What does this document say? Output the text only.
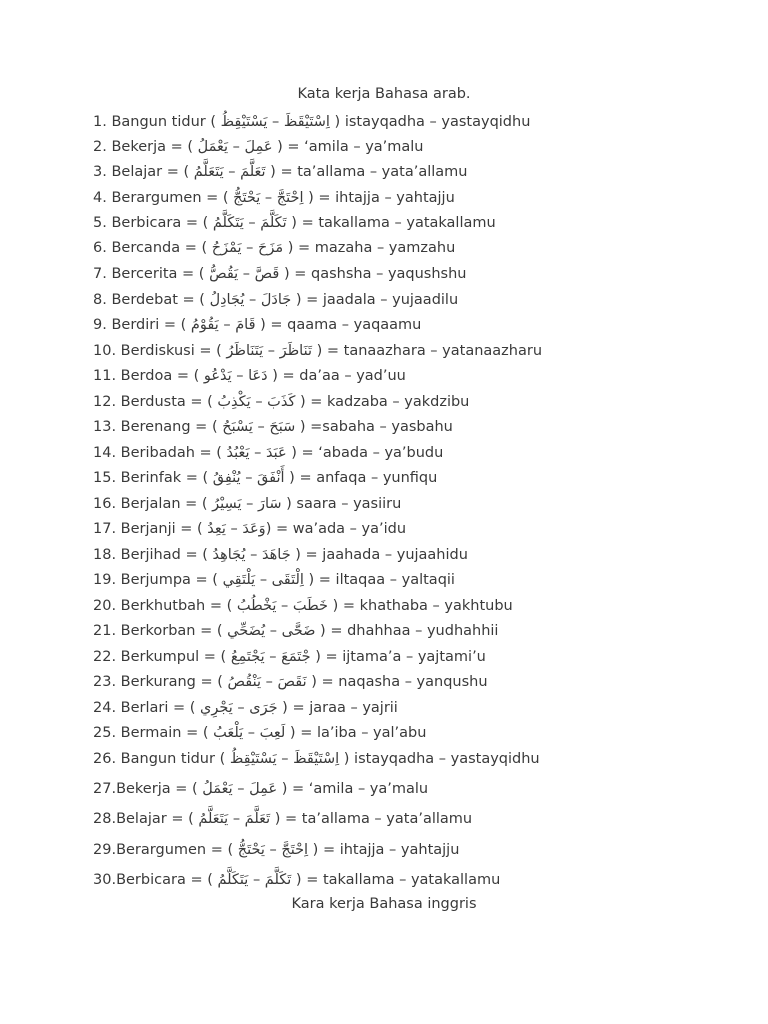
Kata kerja Bahasa arab.
1. Bangun tidur ( اِسْتَيْقَظَ – يَسْتَيْقِظُ ) istayqadha – yastayqidhu
2. Bekerja = ( عَمِلَ – يَعْمَلُ ) = ‘amila – ya’malu
3. Belajar = ( تَعَلَّمَ – يَتَعَلَّمُ ) = ta’allama – yata’allamu
4. Berargumen = ( اِحْتَجَّ – يَحْتَجُّ ) = ihtajja – yahtajju
5. Berbicara = ( تَكَلَّمَ – يَتَكَلَّمُ ) = takallama – yatakallamu
6. Bercanda = ( مَزَحَ – يَمْزَحُ ) = mazaha – yamzahu
7. Bercerita = ( قَصَّ – يَقُصُّ ) = qashsha – yaqushshu
8. Berdebat = ( جَادَلَ – يُجَادِلُ ) = jaadala – yujaadilu
9. Berdiri = ( قَامَ – يَقُوْمُ ) = qaama – yaqaamu
10. Berdiskusi = ( تَنَاظَرَ – يَتَنَاظَرُ ) = tanaazhara – yatanaazharu
11. Berdoa = ( دَعَا – يَدْعُو ) = da’aa – yad’uu
12. Berdusta = ( كَذَبَ – يَكْذِبُ ) = kadzaba – yakdzibu
13. Berenang = ( سَبَحَ – يَسْبَحُ ) =sabaha – yasbahu
14. Beribadah = ( عَبَدَ – يَعْبُدُ ) = ‘abada – ya’budu
15. Berinfak = ( أَنْفَقَ – يُنْفِقُ ) = anfaqa – yunfiqu
16. Berjalan = ( سَارَ – يَسِيْرُ ) saara – yasiiru
17. Berjanji = ( وَعَدَ – يَعِدُ) = wa’ada – ya’idu
18. Berjihad = ( جَاهَدَ – يُجَاهِدُ ) = jaahada – yujaahidu
19. Berjumpa = ( اِلْتَقَى – يَلْتَقِي ) = iltaqaa – yaltaqii
20. Berkhutbah = ( خَطَبَ – يَخْطُبُ ) = khathaba – yakhtubu
21. Berkorban = ( ضَحَّى – يُضَحِّي ) = dhahhaa – yudhahhii
22. Berkumpul = ( جْتَمَعَ – يَجْتَمِعُ ) = ijtama’a – yajtami’u
23. Berkurang = ( نَقَصَ – يَنْقُصُ ) = naqasha – yanqushu
24. Berlari = ( جَرَى – يَجْرِي ) = jaraa – yajrii
25. Bermain = ( لَعِبَ – يَلْعَبُ ) = la’iba – yal’abu
26. Bangun tidur ( اِسْتَيْقَظَ – يَسْتَيْقِظُ ) istayqadha – yastayqidhu
27.Bekerja = ( عَمِلَ – يَعْمَلُ ) = ‘amila – ya’malu
28.Belajar = ( تَعَلَّمَ – يَتَعَلَّمُ ) = ta’allama – yata’allamu
29.Berargumen = ( اِحْتَجَّ – يَحْتَجُّ ) = ihtajja – yahtajju
30.Berbicara = ( تَكَلَّمَ – يَتَكَلَّمُ ) = takallama – yatakallamu
Kara kerja Bahasa inggris
